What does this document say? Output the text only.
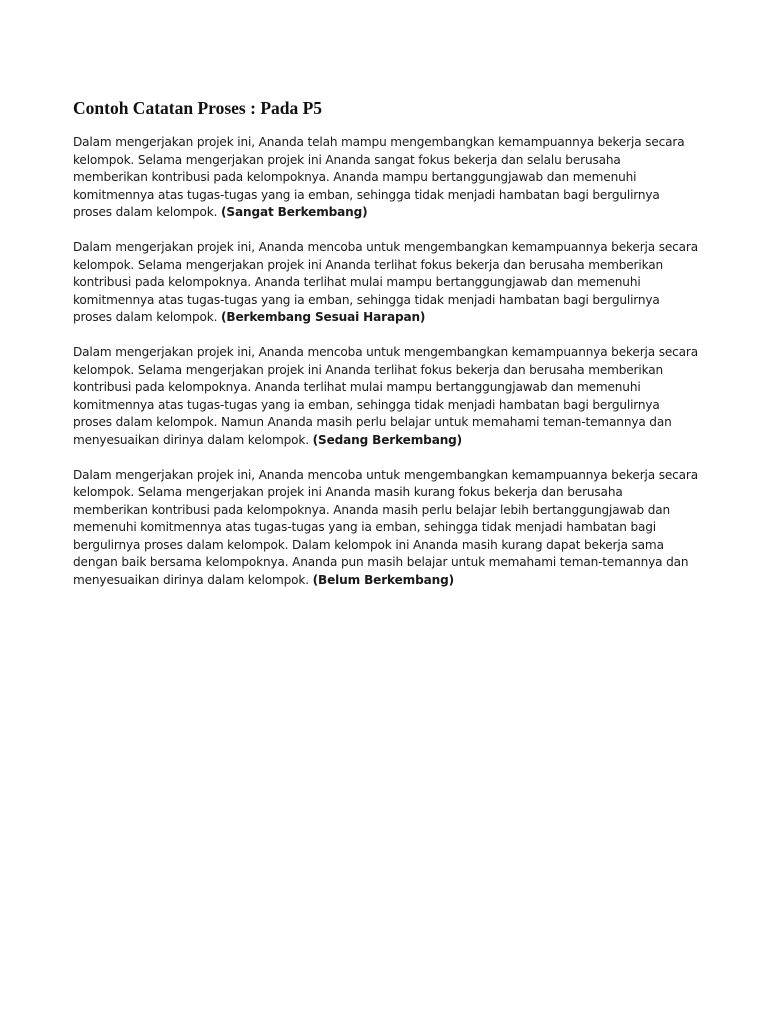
Contoh Catatan Proses : Pada P5

Dalam mengerjakan projek ini, Ananda telah mampu mengembangkan kemampuannya bekerja secara kelompok. Selama mengerjakan projek ini Ananda sangat fokus bekerja dan selalu berusaha memberikan kontribusi pada kelompoknya. Ananda mampu bertanggungjawab dan memenuhi komitmennya atas tugas-tugas yang ia emban, sehingga tidak menjadi hambatan bagi bergulirnya proses dalam kelompok. (Sangat Berkembang)

Dalam mengerjakan projek ini, Ananda mencoba untuk mengembangkan kemampuannya bekerja secara kelompok. Selama mengerjakan projek ini Ananda terlihat fokus bekerja dan berusaha memberikan kontribusi pada kelompoknya. Ananda terlihat mulai mampu bertanggungjawab dan memenuhi komitmennya atas tugas-tugas yang ia emban, sehingga tidak menjadi hambatan bagi bergulirnya proses dalam kelompok. (Berkembang Sesuai Harapan)

Dalam mengerjakan projek ini, Ananda mencoba untuk mengembangkan kemampuannya bekerja secara kelompok. Selama mengerjakan projek ini Ananda terlihat fokus bekerja dan berusaha memberikan kontribusi pada kelompoknya. Ananda terlihat mulai mampu bertanggungjawab dan memenuhi komitmennya atas tugas-tugas yang ia emban, sehingga tidak menjadi hambatan bagi bergulirnya proses dalam kelompok. Namun Ananda masih perlu belajar untuk memahami teman-temannya dan menyesuaikan dirinya dalam kelompok. (Sedang Berkembang)

Dalam mengerjakan projek ini, Ananda mencoba untuk mengembangkan kemampuannya bekerja secara kelompok. Selama mengerjakan projek ini Ananda masih kurang fokus bekerja dan berusaha memberikan kontribusi pada kelompoknya. Ananda masih perlu belajar lebih bertanggungjawab dan memenuhi komitmennya atas tugas-tugas yang ia emban, sehingga tidak menjadi hambatan bagi bergulirnya proses dalam kelompok. Dalam kelompok ini Ananda masih kurang dapat bekerja sama dengan baik bersama kelompoknya. Ananda pun masih belajar untuk memahami teman-temannya dan menyesuaikan dirinya dalam kelompok. (Belum Berkembang)
